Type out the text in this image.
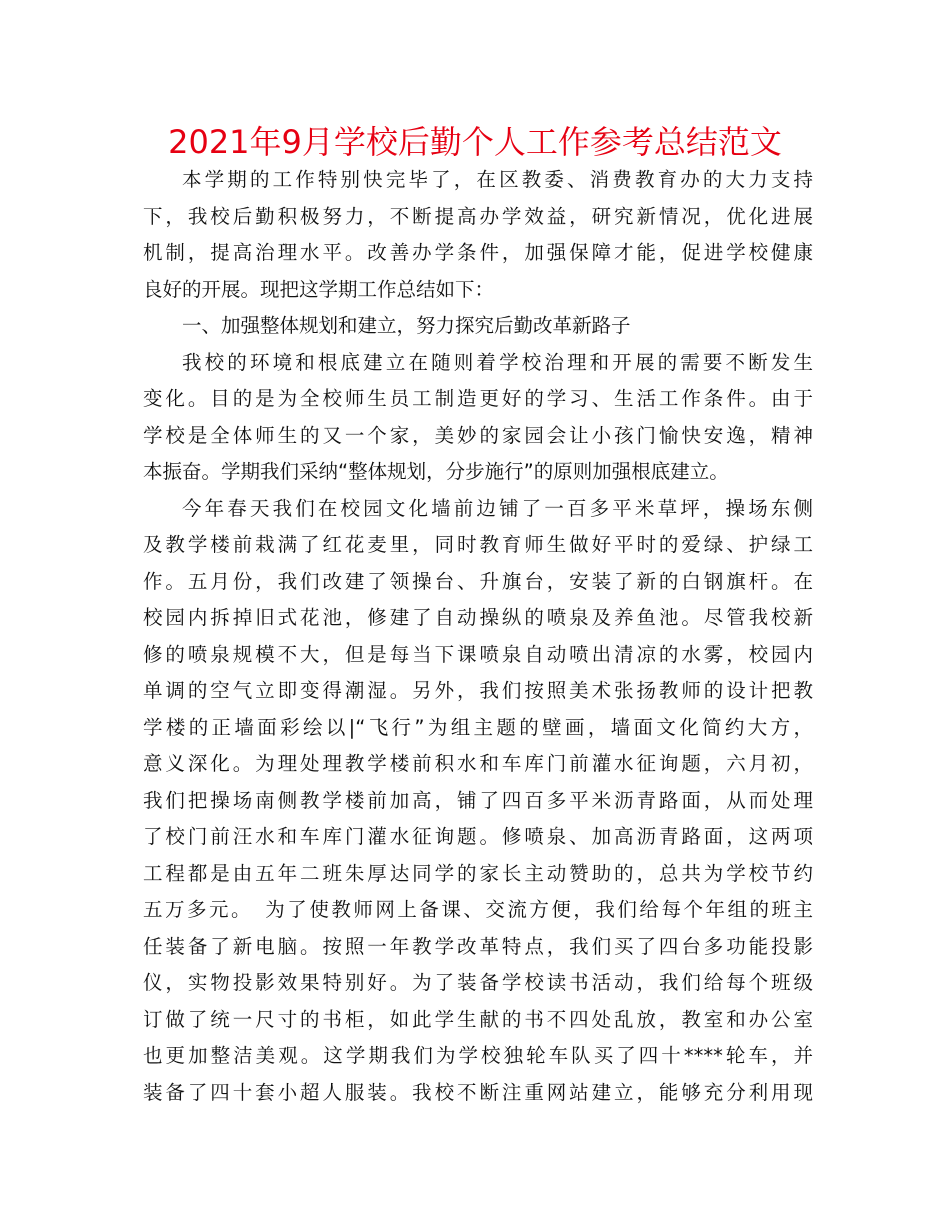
2021年9月学校后勤个人工作参考总结范文
本学期的工作特别快完毕了，在区教委、消费教育办的大力支持
下，我校后勤积极努力，不断提高办学效益，研究新情况，优化进展
机制，提高治理水平。改善办学条件，加强保障才能，促进学校健康
良好的开展。现把这学期工作总结如下：
一、加强整体规划和建立，努力探究后勤改革新路子
我校的环境和根底建立在随则着学校治理和开展的需要不断发生
变化。目的是为全校师生员工制造更好的学习、生活工作条件。由于
学校是全体师生的又一个家，美妙的家园会让小孩门愉快安逸，精神
本振奋。学期我们采纳“整体规划，分步施行”的原则加强根底建立。
今年春天我们在校园文化墙前边铺了一百多平米草坪，操场东侧
及教学楼前栽满了红花麦里，同时教育师生做好平时的爱绿、护绿工
作。五月份，我们改建了领操台、升旗台，安装了新的白钢旗杆。在
校园内拆掉旧式花池，修建了自动操纵的喷泉及养鱼池。尽管我校新
修的喷泉规模不大，但是每当下课喷泉自动喷出清凉的水雾，校园内
单调的空气立即变得潮湿。另外，我们按照美术张扬教师的设计把教
学楼的正墙面彩绘以|“飞行”为组主题的壁画，墙面文化简约大方，
意义深化。为理处理教学楼前积水和车库门前灌水征询题，六月初，
我们把操场南侧教学楼前加高，铺了四百多平米沥青路面，从而处理
了校门前汪水和车库门灌水征询题。修喷泉、加高沥青路面，这两项
工程都是由五年二班朱厚达同学的家长主动赞助的，总共为学校节约
五万多元。　为了使教师网上备课、交流方便，我们给每个年组的班主
任装备了新电脑。按照一年教学改革特点，我们买了四台多功能投影
仪，实物投影效果特别好。为了装备学校读书活动，我们给每个班级
订做了统一尺寸的书柜，如此学生献的书不四处乱放，教室和办公室
也更加整洁美观。这学期我们为学校独轮车队买了四十****轮车，并
装备了四十套小超人服装。我校不断注重网站建立，能够充分利用现
